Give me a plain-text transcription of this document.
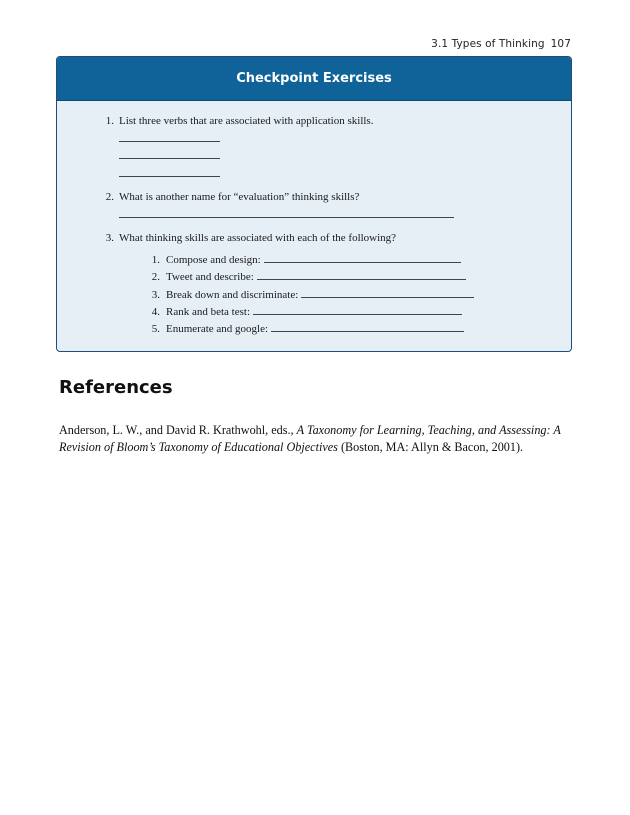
3.1 Types of Thinking 107
Checkpoint Exercises
1. List three verbs that are associated with application skills.
2. What is another name for “evaluation” thinking skills?
3. What thinking skills are associated with each of the following?
1. Compose and design:
2. Tweet and describe:
3. Break down and discriminate:
4. Rank and beta test:
5. Enumerate and google:
References
Anderson, L. W., and David R. Krathwohl, eds., A Taxonomy for Learning, Teaching, and Assessing: A Revision of Bloom’s Taxonomy of Educational Objectives (Boston, MA: Allyn & Bacon, 2001).
